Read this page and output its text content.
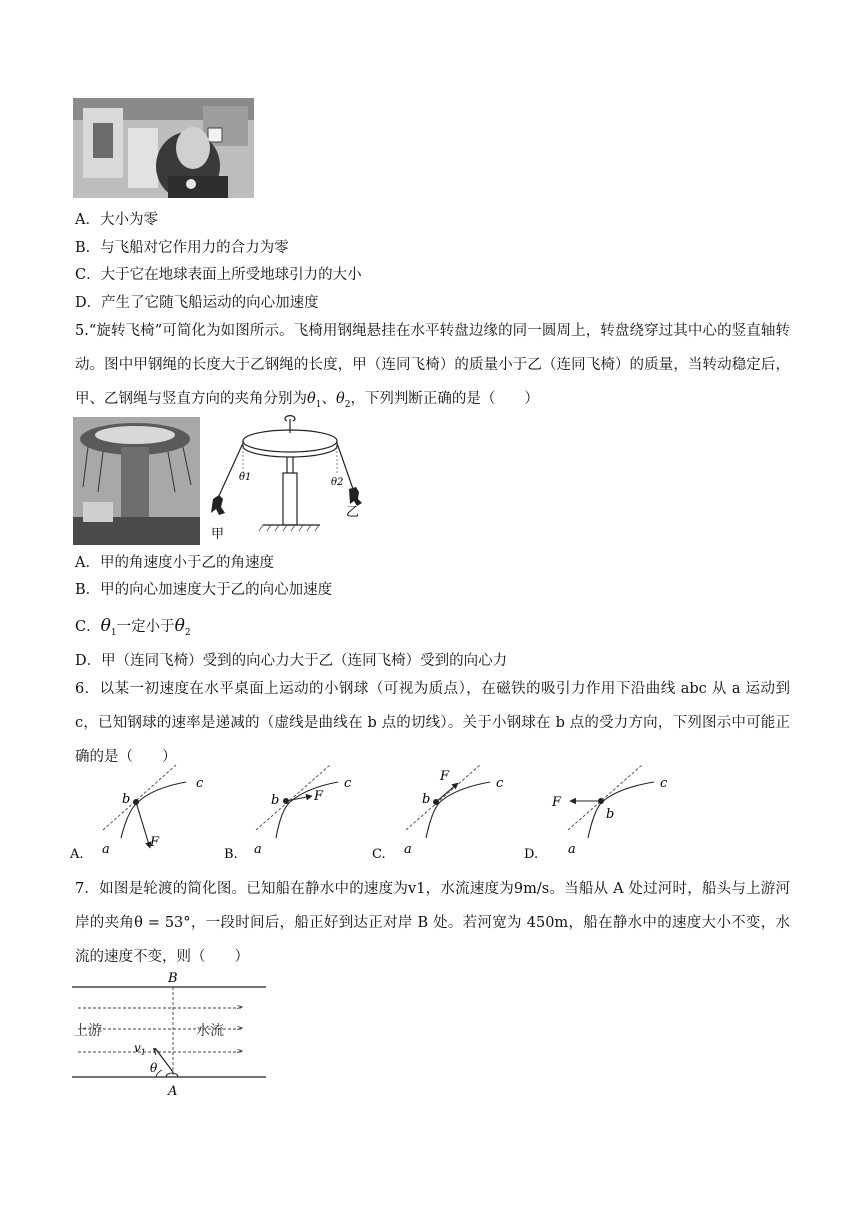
A．大小为零
B．与飞船对它作用力的合力为零
C．大于它在地球表面上所受地球引力的大小
D．产生了它随飞船运动的向心加速度
5.“旋转飞椅”可简化为如图所示。飞椅用钢绳悬挂在水平转盘边缘的同一圆周上，转盘绕穿过其中心的竖直轴转动。图中甲钢绳的长度大于乙钢绳的长度，甲（连同飞椅）的质量小于乙（连同飞椅）的质量，当转动稳定后，甲、乙钢绳与竖直方向的夹角分别为$\theta_1$、$\theta_2$，下列判断正确的是（　　）
θ1	θ2
甲
乙
A．甲的角速度小于乙的角速度
B．甲的向心加速度大于乙的向心加速度
C．$\theta_1$一定小于$\theta_2$
D．甲（连同飞椅）受到的向心力大于乙（连同飞椅）受到的向心力
6．以某一初速度在水平桌面上运动的小钢球（可视为质点），在磁铁的吸引力作用下沿曲线 abc 从 a 运动到 c，已知钢球的速率是递减的（虚线是曲线在 b 点的切线）。关于小钢球在 b 点的受力方向，下列图示中可能正确的是（　　）
b
c
a	F
A.
b	F
c
a
B.
F
b
c
a
C.
F
b
c
a
D.
7．如图是轮渡的简化图。已知船在静水中的速度为v1，水流速度为9m/s。当船从 A 处过河时，船头与上游河岸的夹角θ = 53°，一段时间后，船正好到达正对岸 B 处。若河宽为 450m，船在静水中的速度大小不变，水流的速度不变，则（　　）
B
A
上游	水流
$v_1$
θ
